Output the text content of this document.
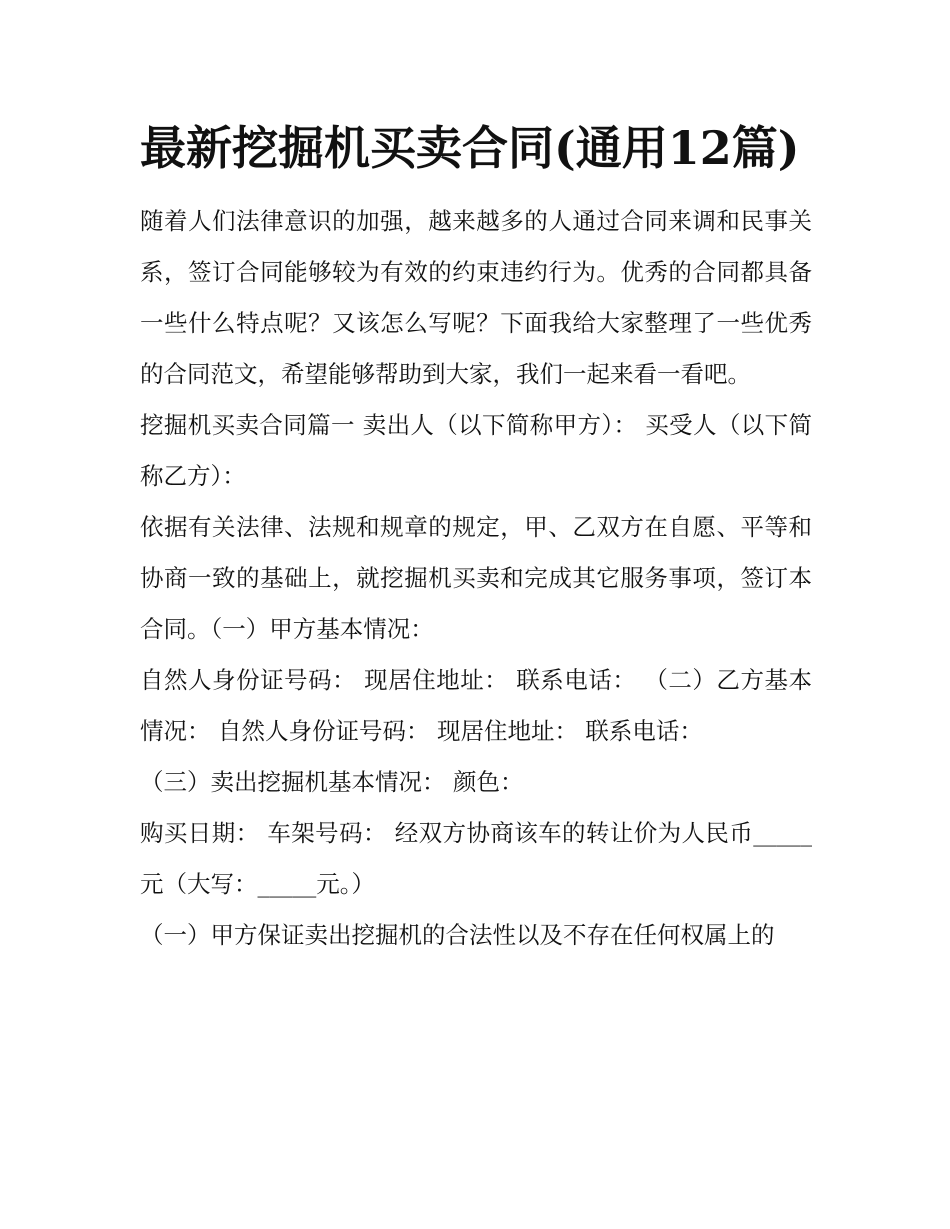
最新挖掘机买卖合同(通用12篇)

随着人们法律意识的加强，越来越多的人通过合同来调和民事关系，签订合同能够较为有效的约束违约行为。优秀的合同都具备一些什么特点呢？又该怎么写呢？下面我给大家整理了一些优秀的合同范文，希望能够帮助到大家，我们一起来看一看吧。

挖掘机买卖合同篇一 卖出人（以下简称甲方）： 买受人（以下简称乙方）：

依据有关法律、法规和规章的规定，甲、乙双方在自愿、平等和协商一致的基础上，就挖掘机买卖和完成其它服务事项，签订本合同。（一）甲方基本情况：

自然人身份证号码： 现居住地址： 联系电话： （二）乙方基本情况： 自然人身份证号码： 现居住地址： 联系电话：

（三）卖出挖掘机基本情况： 颜色：

购买日期： 车架号码： 经双方协商该车的转让价为人民币_____元（大写：_____元。）

（一）甲方保证卖出挖掘机的合法性以及不存在任何权属上的
